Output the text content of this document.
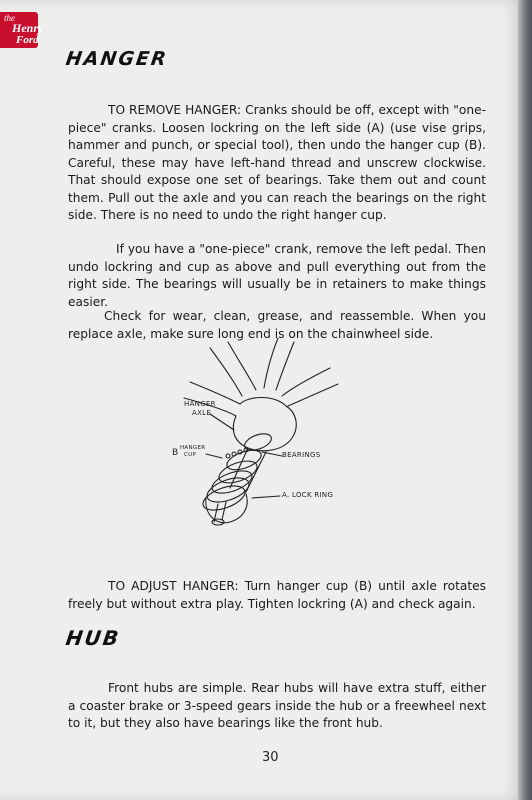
the
Henry
Ford
HANGER

TO REMOVE HANGER: Cranks should be off, except with "one-piece" cranks. Loosen lockring on the left side (A) (use vise grips, hammer and punch, or special tool), then undo the hanger cup (B). Careful, these may have left-hand thread and unscrew clockwise. That should expose one set of bearings. Take them out and count them. Pull out the axle and you can reach the bearings on the right side. There is no need to undo the right hanger cup.

If you have a "one-piece" crank, remove the left pedal. Then undo lockring and cup as above and pull everything out from the right side. The bearings will usually be in retainers to make things easier.

Check for wear, clean, grease, and reassemble. When you replace axle, make sure long end is on the chainwheel side.

HANGER
AXLE
B HANGER
CUP	BEARINGS
A. LOCK RING

TO ADJUST HANGER: Turn hanger cup (B) until axle rotates freely but without extra play. Tighten lockring (A) and check again.

HUB

Front hubs are simple. Rear hubs will have extra stuff, either a coaster brake or 3-speed gears inside the hub or a freewheel next to it, but they also have bearings like the front hub.

30
